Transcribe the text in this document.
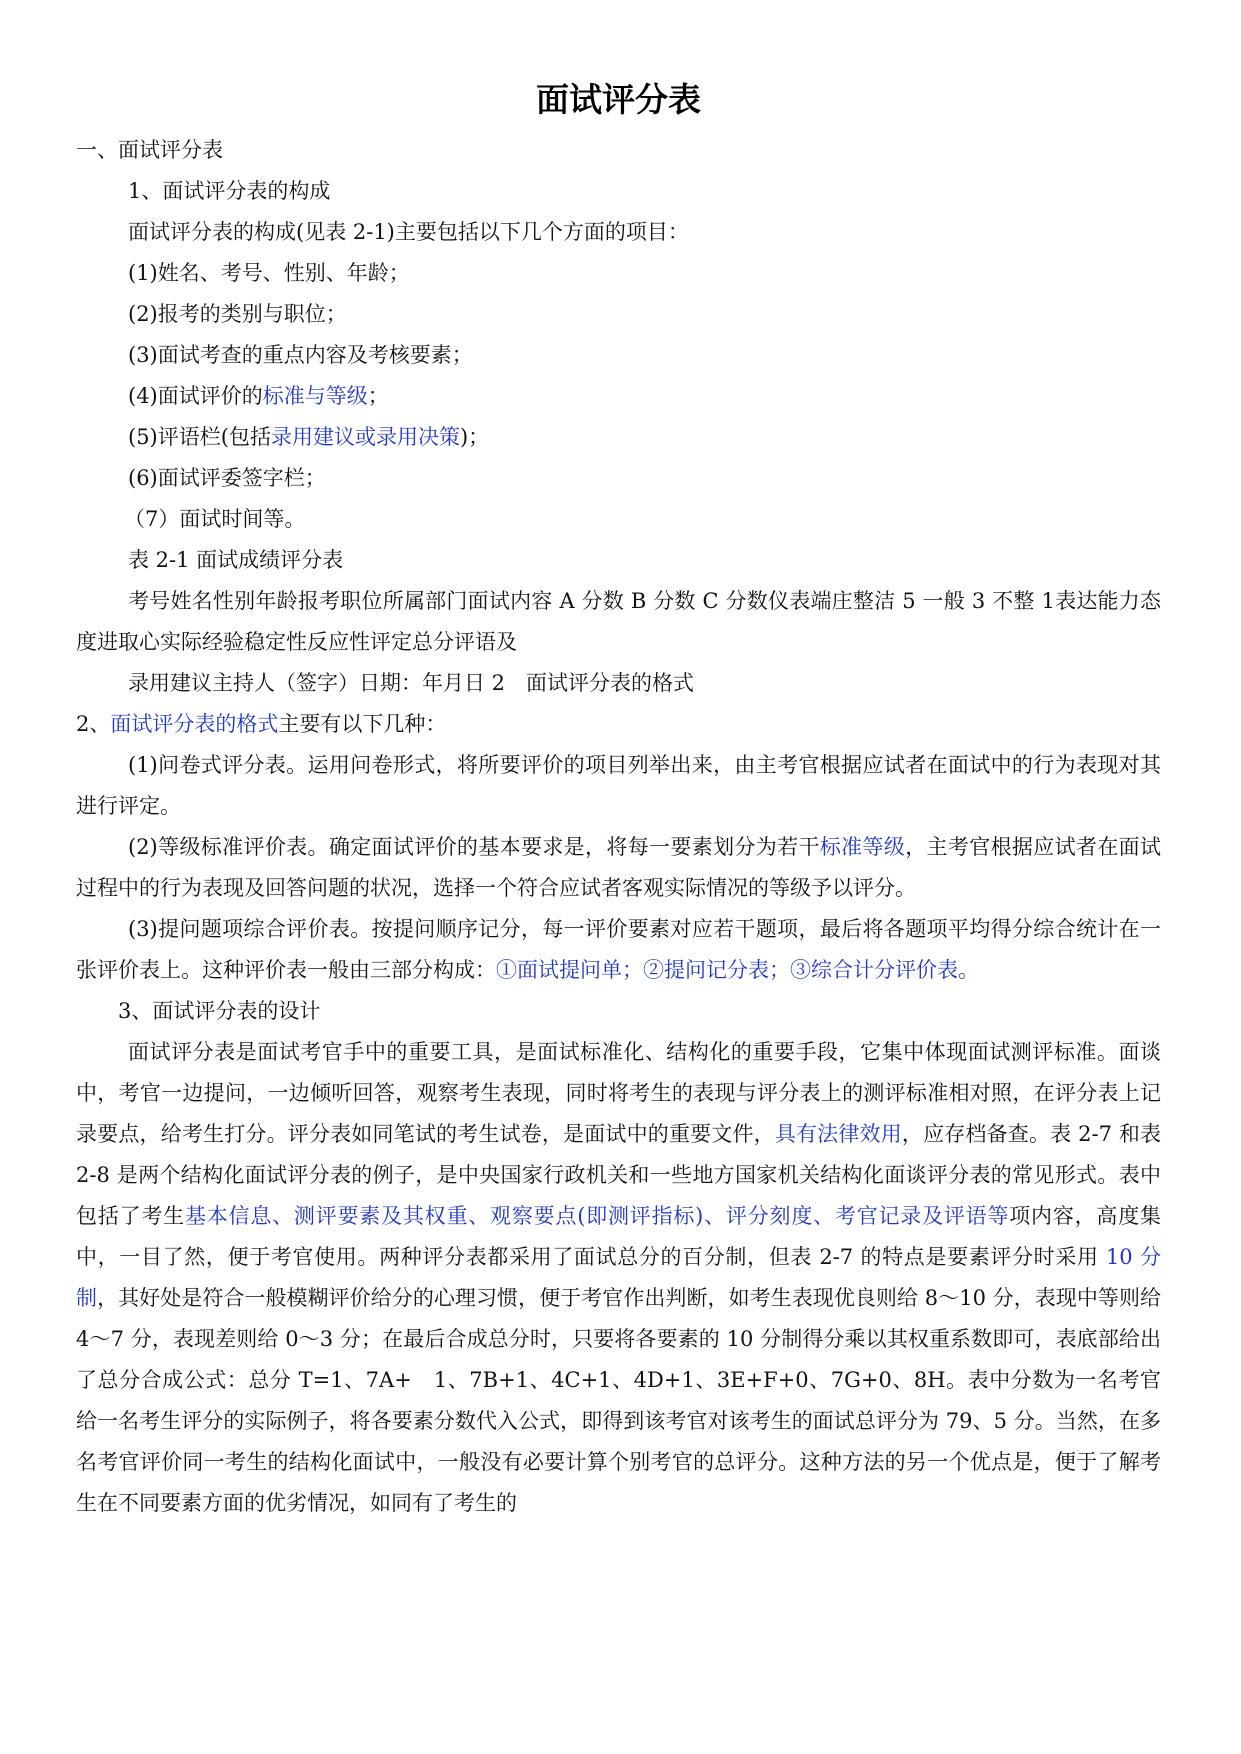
面试评分表

一、面试评分表

1、面试评分表的构成

面试评分表的构成(见表 2-1)主要包括以下几个方面的项目：

(1)姓名、考号、性别、年龄；

(2)报考的类别与职位；

(3)面试考查的重点内容及考核要素；

(4)面试评价的标准与等级；

(5)评语栏(包括录用建议或录用决策)；

(6)面试评委签字栏；

（7）面试时间等。

表 2-1 面试成绩评分表

考号姓名性别年龄报考职位所属部门面试内容 A 分数 B 分数 C 分数仪表端庄整洁 5 一般 3 不整 1表达能力态度进取心实际经验稳定性反应性评定总分评语及

录用建议主持人（签字）日期：年月日 2　面试评分表的格式

2、面试评分表的格式主要有以下几种：

(1)问卷式评分表。运用问卷形式，将所要评价的项目列举出来，由主考官根据应试者在面试中的行为表现对其进行评定。

(2)等级标准评价表。确定面试评价的基本要求是，将每一要素划分为若干标准等级，主考官根据应试者在面试过程中的行为表现及回答问题的状况，选择一个符合应试者客观实际情况的等级予以评分。

(3)提问题项综合评价表。按提问顺序记分，每一评价要素对应若干题项，最后将各题项平均得分综合统计在一张评价表上。这种评价表一般由三部分构成：①面试提问单；②提问记分表；③综合计分评价表。

3、面试评分表的设计

面试评分表是面试考官手中的重要工具，是面试标准化、结构化的重要手段，它集中体现面试测评标准。面谈中，考官一边提问，一边倾听回答，观察考生表现，同时将考生的表现与评分表上的测评标准相对照，在评分表上记录要点，给考生打分。评分表如同笔试的考生试卷，是面试中的重要文件，具有法律效用，应存档备查。表 2-7 和表 2-8 是两个结构化面试评分表的例子，是中央国家行政机关和一些地方国家机关结构化面谈评分表的常见形式。表中包括了考生基本信息、测评要素及其权重、观察要点(即测评指标)、评分刻度、考官记录及评语等项内容，高度集中，一目了然，便于考官使用。两种评分表都采用了面试总分的百分制，但表 2-7 的特点是要素评分时采用 10 分制，其好处是符合一般模糊评价给分的心理习惯，便于考官作出判断，如考生表现优良则给 8～10 分，表现中等则给 4～7 分，表现差则给 0～3 分；在最后合成总分时，只要将各要素的 10 分制得分乘以其权重系数即可，表底部给出了总分合成公式：总分 T=1、7A+　1、7B+1、4C+1、4D+1、3E+F+0、7G+0、8H。表中分数为一名考官给一名考生评分的实际例子，将各要素分数代入公式，即得到该考官对该考生的面试总评分为 79、5 分。当然，在多名考官评价同一考生的结构化面试中，一般没有必要计算个别考官的总评分。这种方法的另一个优点是，便于了解考生在不同要素方面的优劣情况，如同有了考生的
